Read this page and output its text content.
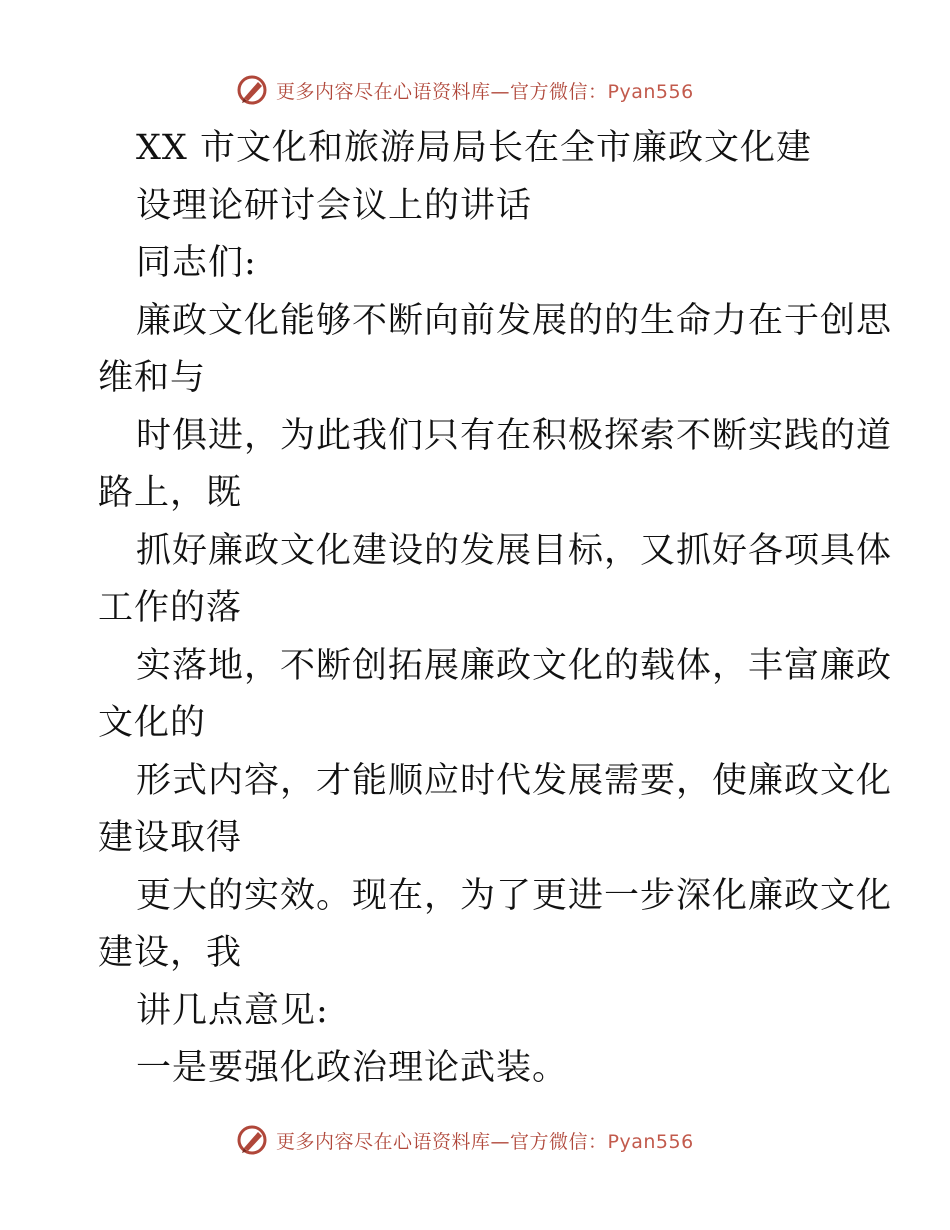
更多内容尽在心语资料库—官方微信：Pyan556
XX 市文化和旅游局局长在全市廉政文化建
设理论研讨会议上的讲话
同志们:
廉政文化能够不断向前发展的的生命力在于创思
维和与
时俱进，为此我们只有在积极探索不断实践的道
路上，既
抓好廉政文化建设的发展目标，又抓好各项具体
工作的落
实落地，不断创拓展廉政文化的载体，丰富廉政
文化的
形式内容，才能顺应时代发展需要，使廉政文化
建设取得
更大的实效。现在，为了更进一步深化廉政文化
建设，我
讲几点意见:
一是要强化政治理论武装。
更多内容尽在心语资料库—官方微信：Pyan556
